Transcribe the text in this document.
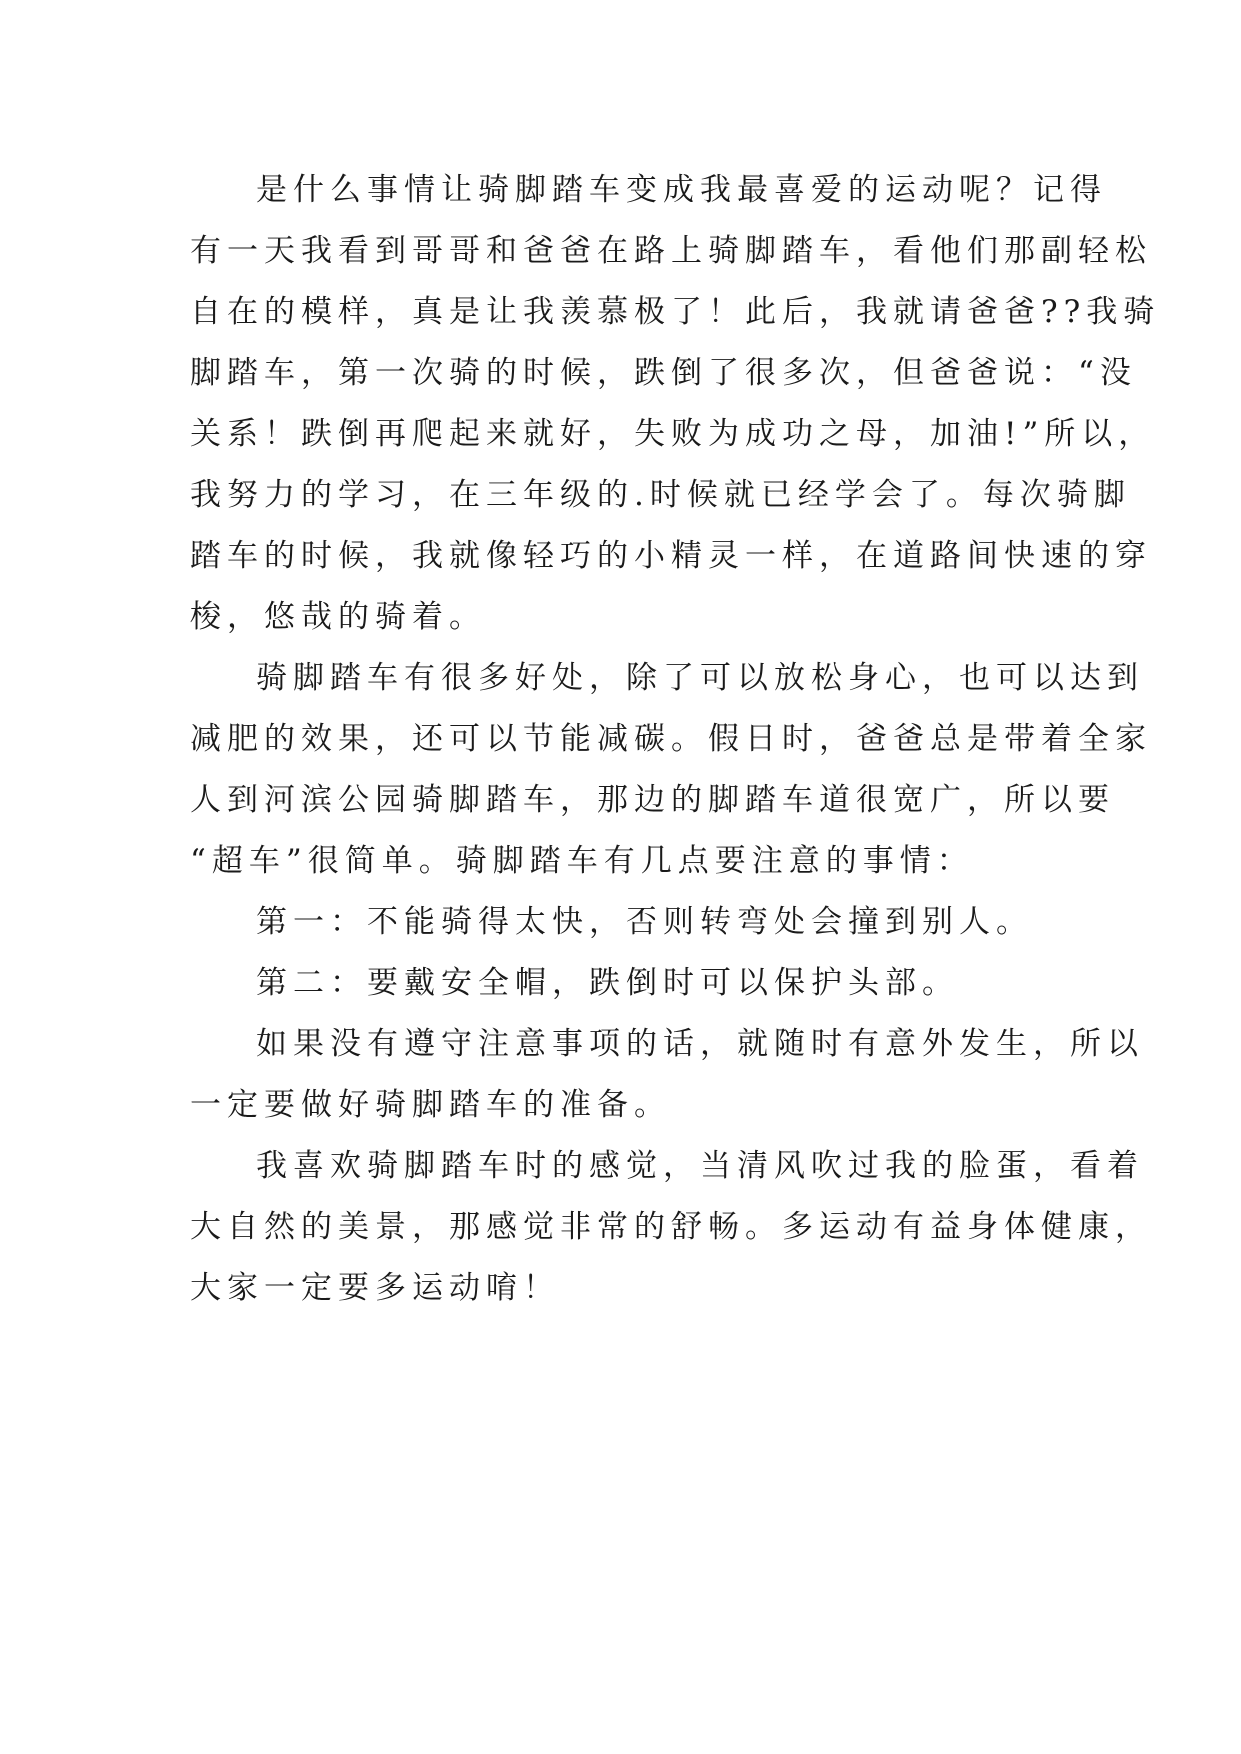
是什么事情让骑脚踏车变成我最喜爱的运动呢？记得
有一天我看到哥哥和爸爸在路上骑脚踏车，看他们那副轻松
自在的模样，真是让我羡慕极了！此后，我就请爸爸??我骑
脚踏车，第一次骑的时候，跌倒了很多次，但爸爸说：“没
关系！跌倒再爬起来就好，失败为成功之母，加油!”所以，
我努力的学习，在三年级的.时候就已经学会了。每次骑脚
踏车的时候，我就像轻巧的小精灵一样，在道路间快速的穿
梭，悠哉的骑着。
骑脚踏车有很多好处，除了可以放松身心，也可以达到
减肥的效果，还可以节能减碳。假日时，爸爸总是带着全家
人到河滨公园骑脚踏车，那边的脚踏车道很宽广，所以要
“超车”很简单。骑脚踏车有几点要注意的事情：
第一：不能骑得太快，否则转弯处会撞到别人。
第二：要戴安全帽，跌倒时可以保护头部。
如果没有遵守注意事项的话，就随时有意外发生，所以
一定要做好骑脚踏车的准备。
我喜欢骑脚踏车时的感觉，当清风吹过我的脸蛋，看着
大自然的美景，那感觉非常的舒畅。多运动有益身体健康，
大家一定要多运动唷！
